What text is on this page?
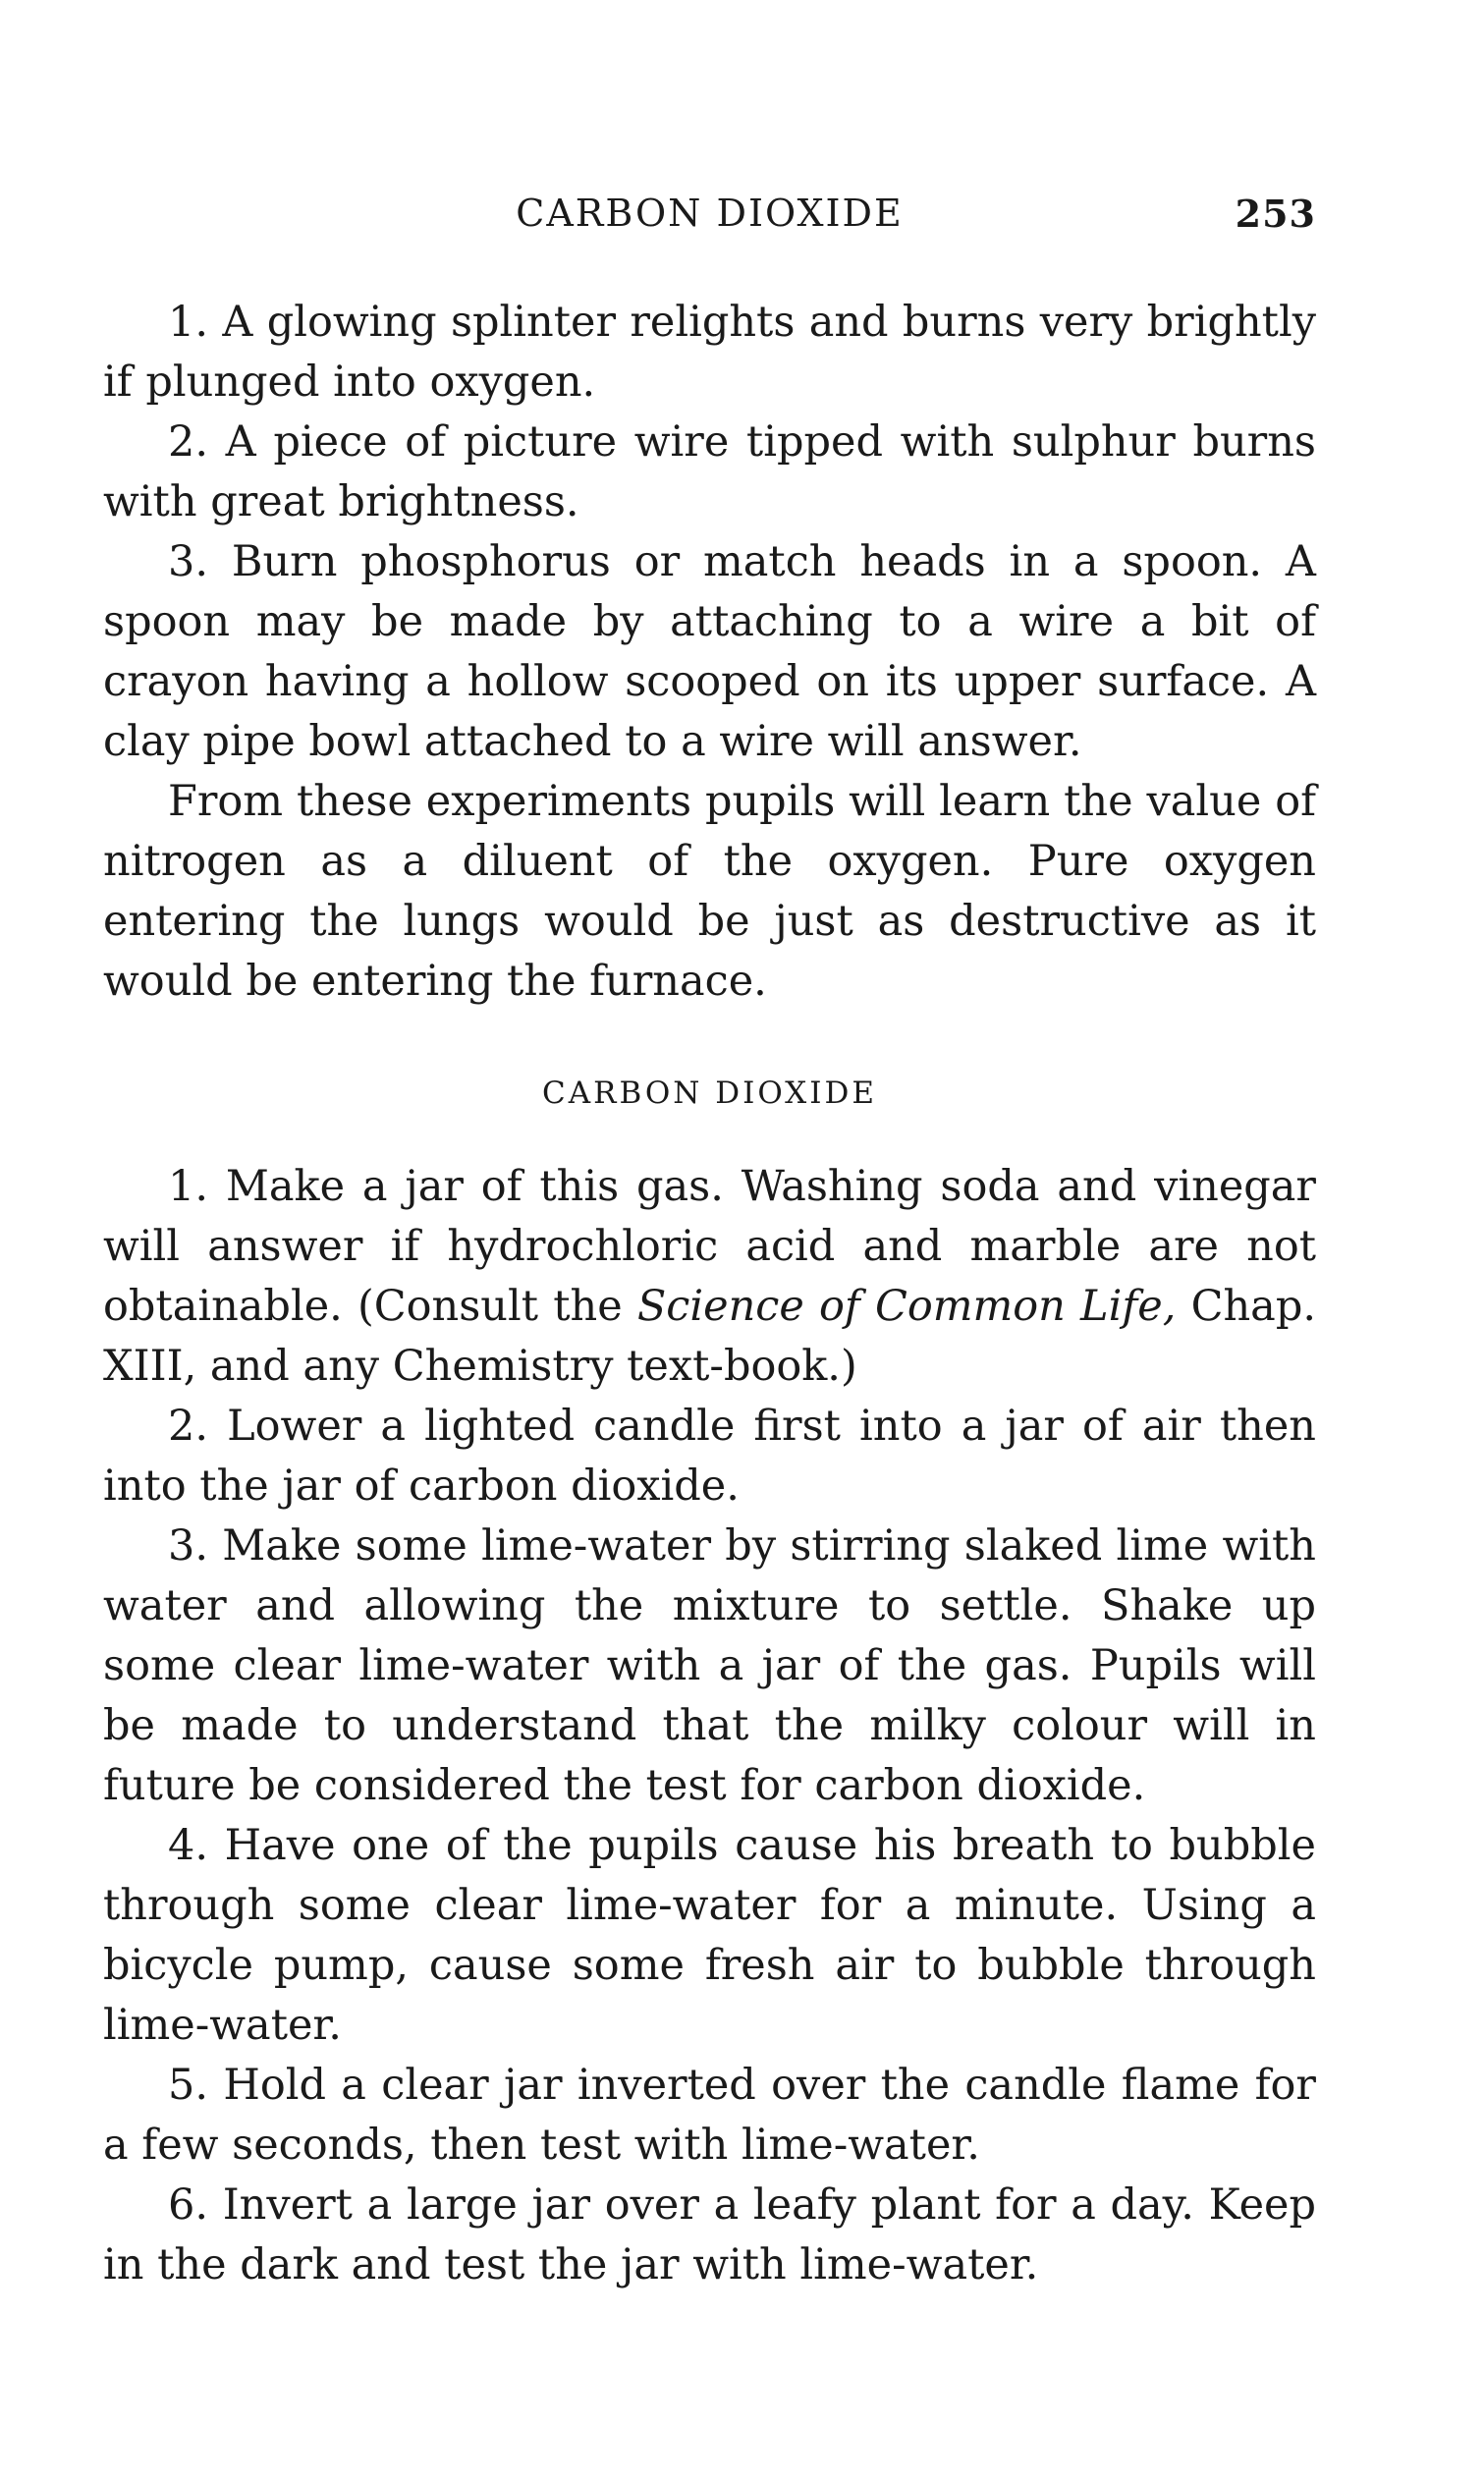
CARBON DIOXIDE	253

1. A glowing splinter relights and burns very brightly if plunged into oxygen.

2. A piece of picture wire tipped with sulphur burns with great brightness.

3. Burn phosphorus or match heads in a spoon. A spoon may be made by attaching to a wire a bit of crayon having a hollow scooped on its upper surface. A clay pipe bowl attached to a wire will answer.

From these experiments pupils will learn the value of nitrogen as a diluent of the oxygen. Pure oxygen entering the lungs would be just as destructive as it would be entering the furnace.

CARBON DIOXIDE

1. Make a jar of this gas. Washing soda and vinegar will answer if hydrochloric acid and marble are not obtainable. (Consult the Science of Common Life, Chap. XIII, and any Chemistry text-book.)

2. Lower a lighted candle first into a jar of air then into the jar of carbon dioxide.

3. Make some lime-water by stirring slaked lime with water and allowing the mixture to settle. Shake up some clear lime-water with a jar of the gas. Pupils will be made to understand that the milky colour will in future be considered the test for carbon dioxide.

4. Have one of the pupils cause his breath to bubble through some clear lime-water for a minute. Using a bicycle pump, cause some fresh air to bubble through lime-water.

5. Hold a clear jar inverted over the candle flame for a few seconds, then test with lime-water.

6. Invert a large jar over a leafy plant for a day. Keep in the dark and test the jar with lime-water.
